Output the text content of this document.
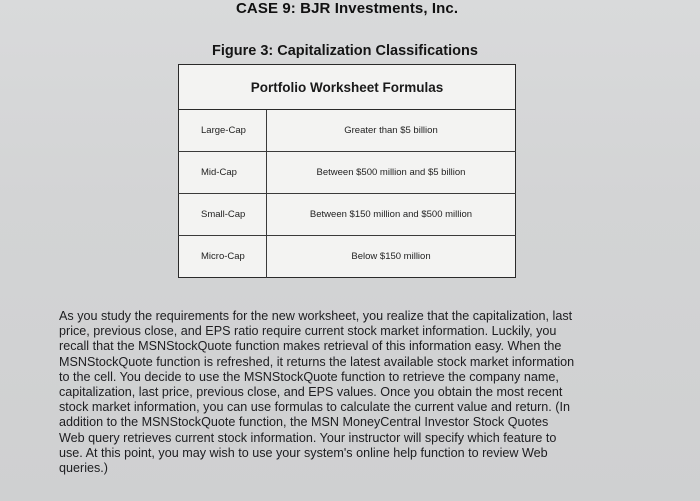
CASE 9: BJR Investments, Inc.
Figure 3: Capitalization Classifications
Portfolio Worksheet Formulas	
Large-Cap	Greater than $5 billion
Mid-Cap	Between $500 million and $5 billion
Small-Cap	Between $150 million and $500 million
Micro-Cap	Below $150 million
As you study the requirements for the new worksheet, you realize that the capitalization, last
price, previous close, and EPS ratio require current stock market information. Luckily, you
recall that the MSNStockQuote function makes retrieval of this information easy. When the
MSNStockQuote function is refreshed, it returns the latest available stock market information
to the cell. You decide to use the MSNStockQuote function to retrieve the company name,
capitalization, last price, previous close, and EPS values. Once you obtain the most recent
stock market information, you can use formulas to calculate the current value and return. (In
addition to the MSNStockQuote function, the MSN MoneyCentral Investor Stock Quotes
Web query retrieves current stock information. Your instructor will specify which feature to
use. At this point, you may wish to use your system's online help function to review Web
queries.)
